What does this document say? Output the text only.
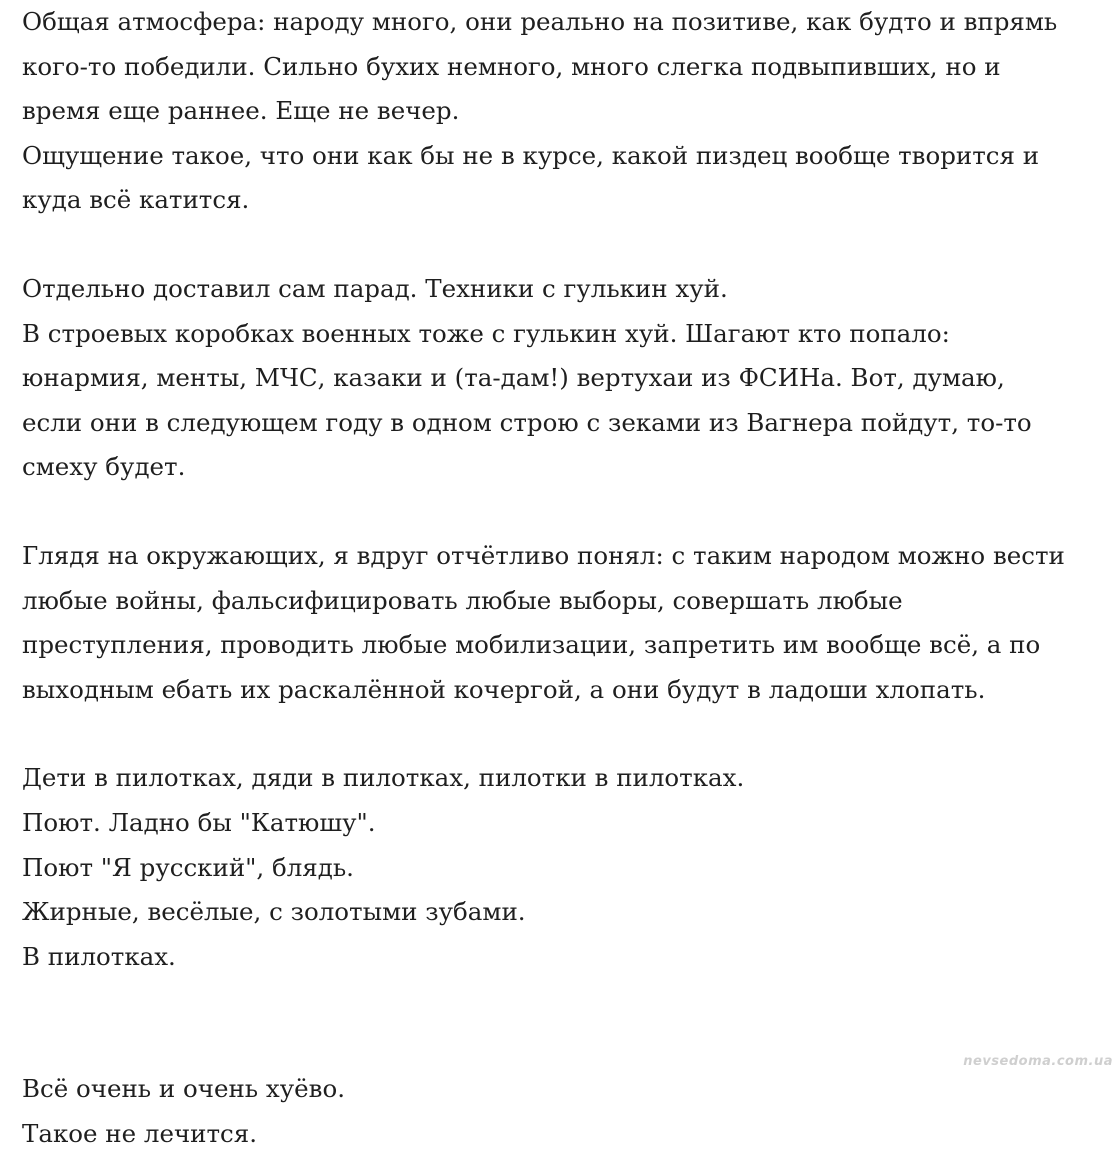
Общая атмосфера: народу много, они реально на позитиве, как будто и впрямь
кого-то победили. Сильно бухих немного, много слегка подвыпивших, но и
время еще раннее. Еще не вечер.
Ощущение такое, что они как бы не в курсе, какой пиздец вообще творится и
куда всё катится.
Отдельно доставил сам парад. Техники с гулькин хуй.
В строевых коробках военных тоже с гулькин хуй. Шагают кто попало:
юнармия, менты, МЧС, казаки и (та-дам!) вертухаи из ФСИНа. Вот, думаю,
если они в следующем году в одном строю с зеками из Вагнера пойдут, то-то
смеху будет.
Глядя на окружающих, я вдруг отчётливо понял: с таким народом можно вести
любые войны, фальсифицировать любые выборы, совершать любые
преступления, проводить любые мобилизации, запретить им вообще всё, а по
выходным ебать их раскалённой кочергой, а они будут в ладоши хлопать.
Дети в пилотках, дяди в пилотках, пилотки в пилотках.
Поют. Ладно бы "Катюшу".
Поют "Я русский", блядь.
Жирные, весёлые, с золотыми зубами.
В пилотках.
Всё очень и очень хуёво.
Такое не лечится.
nevsedoma.com.ua
